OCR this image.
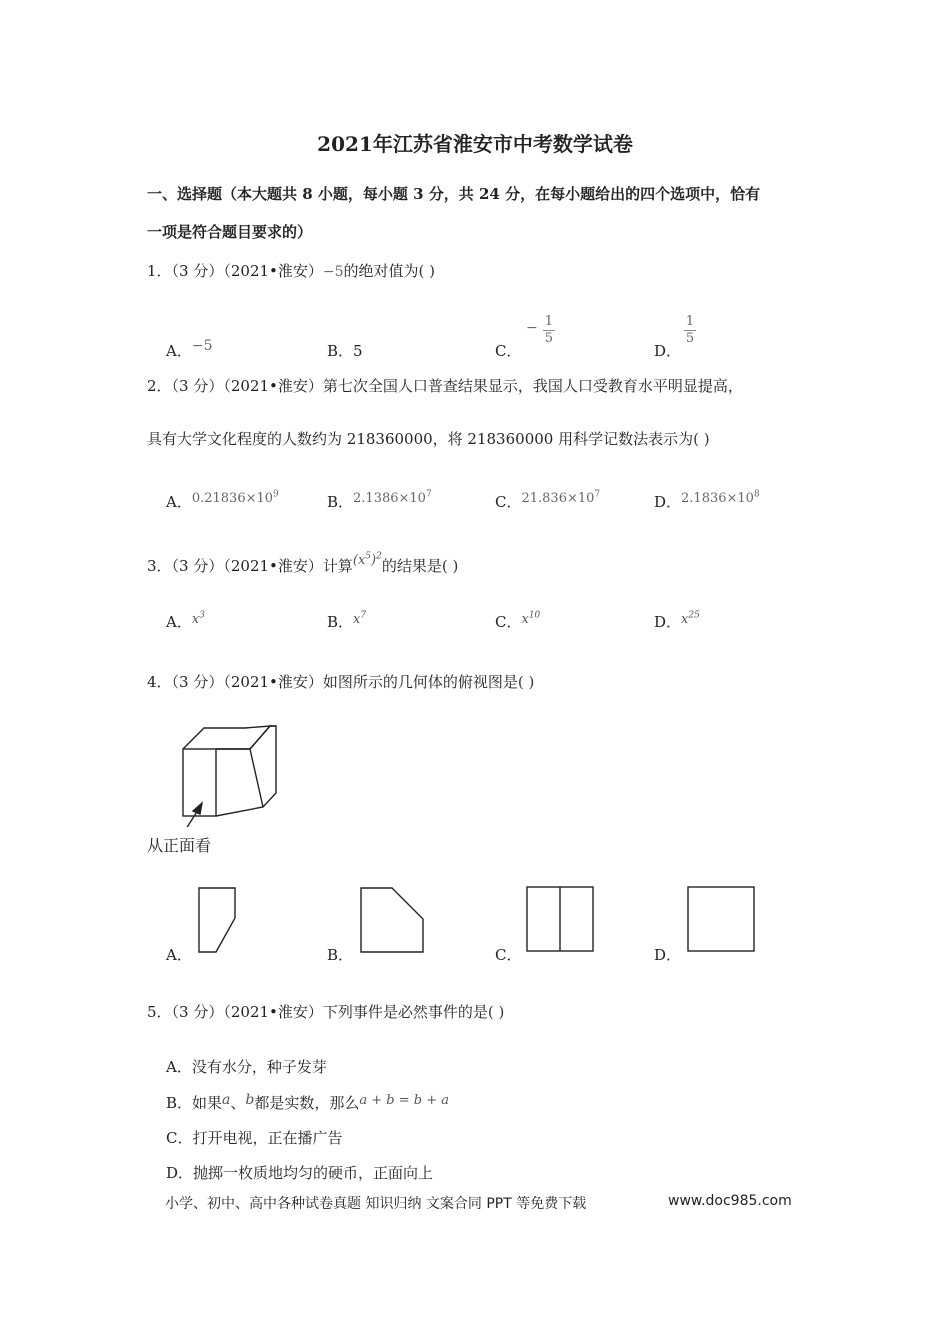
2021年江苏省淮安市中考数学试卷
一、选择题（本大题共 8 小题，每小题 3 分，共 24 分，在每小题给出的四个选项中，恰有
一项是符合题目要求的）
1．（3 分）（2021•淮安）−5的绝对值为( )
A．−5	B．5	C．
− $\frac{1}{5}$
D．
$\frac{1}{5}$
2．（3 分）（2021•淮安）第七次全国人口普查结果显示，我国人口受教育水平明显提高，
具有大学文化程度的人数约为 218360000，将 218360000 用科学记数法表示为( )
A．$0.21836\times 10^9$	B．$2.1386\times 10^7$	C．$21.836\times 10^7$	D．$2.1836\times 10^8$
3．（3 分）（2021•淮安）计算$(x^5)^2$的结果是( )
A．$x^3$	B．$x^7$	C．$x^{10}$	D．$x^{25}$
4．（3 分）（2021•淮安）如图所示的几何体的俯视图是( )
从正面看
A．	B．	C．	D．
5．（3 分）（2021•淮安）下列事件是必然事件的是( )
A．没有水分，种子发芽
B．如果a、b都是实数，那么a + b = b + a
C．打开电视，正在播广告
D．抛掷一枚质地均匀的硬币，正面向上
小学、初中、高中各种试卷真题 知识归纳 文案合同 PPT 等免费下载	www.doc985.com
